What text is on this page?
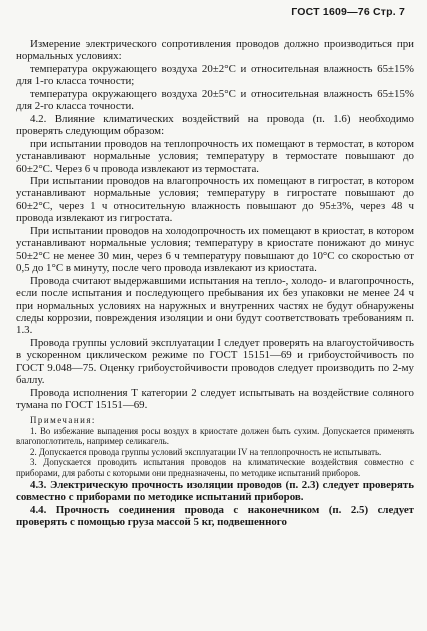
ГОСТ 1609—76 Стр. 7

Измерение электрического сопротивления проводов должно производиться при нормальных условиях:

температура окружающего воздуха 20±2°С и относительная влажность 65±15% для 1-го класса точности;

температура окружающего воздуха 20±5°С и относительная влажность 65±15% для 2-го класса точности.

4.2. Влияние климатических воздействий на провода (п. 1.6) необходимо проверять следующим образом:

при испытании проводов на теплопрочность их помещают в термостат, в котором устанавливают нормальные условия; температуру в термостате повышают до 60±2°С. Через 6 ч провода извлекают из термостата.

При испытании проводов на влагопрочность их помещают в гигростат, в котором устанавливают нормальные условия; температуру в гигростате повышают до 60±2°С, через 1 ч относительную влажность повышают до 95±3%, через 48 ч провода извлекают из гигростата.

При испытании проводов на холодопрочность их помещают в криостат, в котором устанавливают нормальные условия; температуру в криостате понижают до минус 50±2°С не менее 30 мин, через 6 ч температуру повышают до 10°С со скоростью от 0,5 до 1°С в минуту, после чего провода извлекают из криостата.

Провода считают выдержавшими испытания на тепло-, холодо- и влагопрочность, если после испытания и последующего пребывания их без упаковки не менее 24 ч при нормальных условиях на наружных и внутренних частях не будут обнаружены следы коррозии, повреждения изоляции и они будут соответствовать требованиям п. 1.3.

Провода группы условий эксплуатации I следует проверять на влагоустойчивость в ускоренном циклическом режиме по ГОСТ 15151—69 и грибоустойчивость по ГОСТ 9.048—75. Оценку грибоустойчивости проводов следует производить по 2-му баллу.

Провода исполнения Т категории 2 следует испытывать на воздействие соляного тумана по ГОСТ 15151—69.

Примечания:

1. Во избежание выпадения росы воздух в криостате должен быть сухим. Допускается применять влагопоглотитель, например селикагель.

2. Допускается провода группы условий эксплуатации IV на теплопрочность не испытывать.

3. Допускается проводить испытания проводов на климатические воздействия совместно с приборами, для работы с которыми они предназначены, по методике испытаний приборов.

4.3. Электрическую прочность изоляции проводов (п. 2.3) следует проверять совместно с приборами по методике испытаний приборов.

4.4. Прочность соединения провода с наконечником (п. 2.5) следует проверять с помощью груза массой 5 кг, подвешенного
